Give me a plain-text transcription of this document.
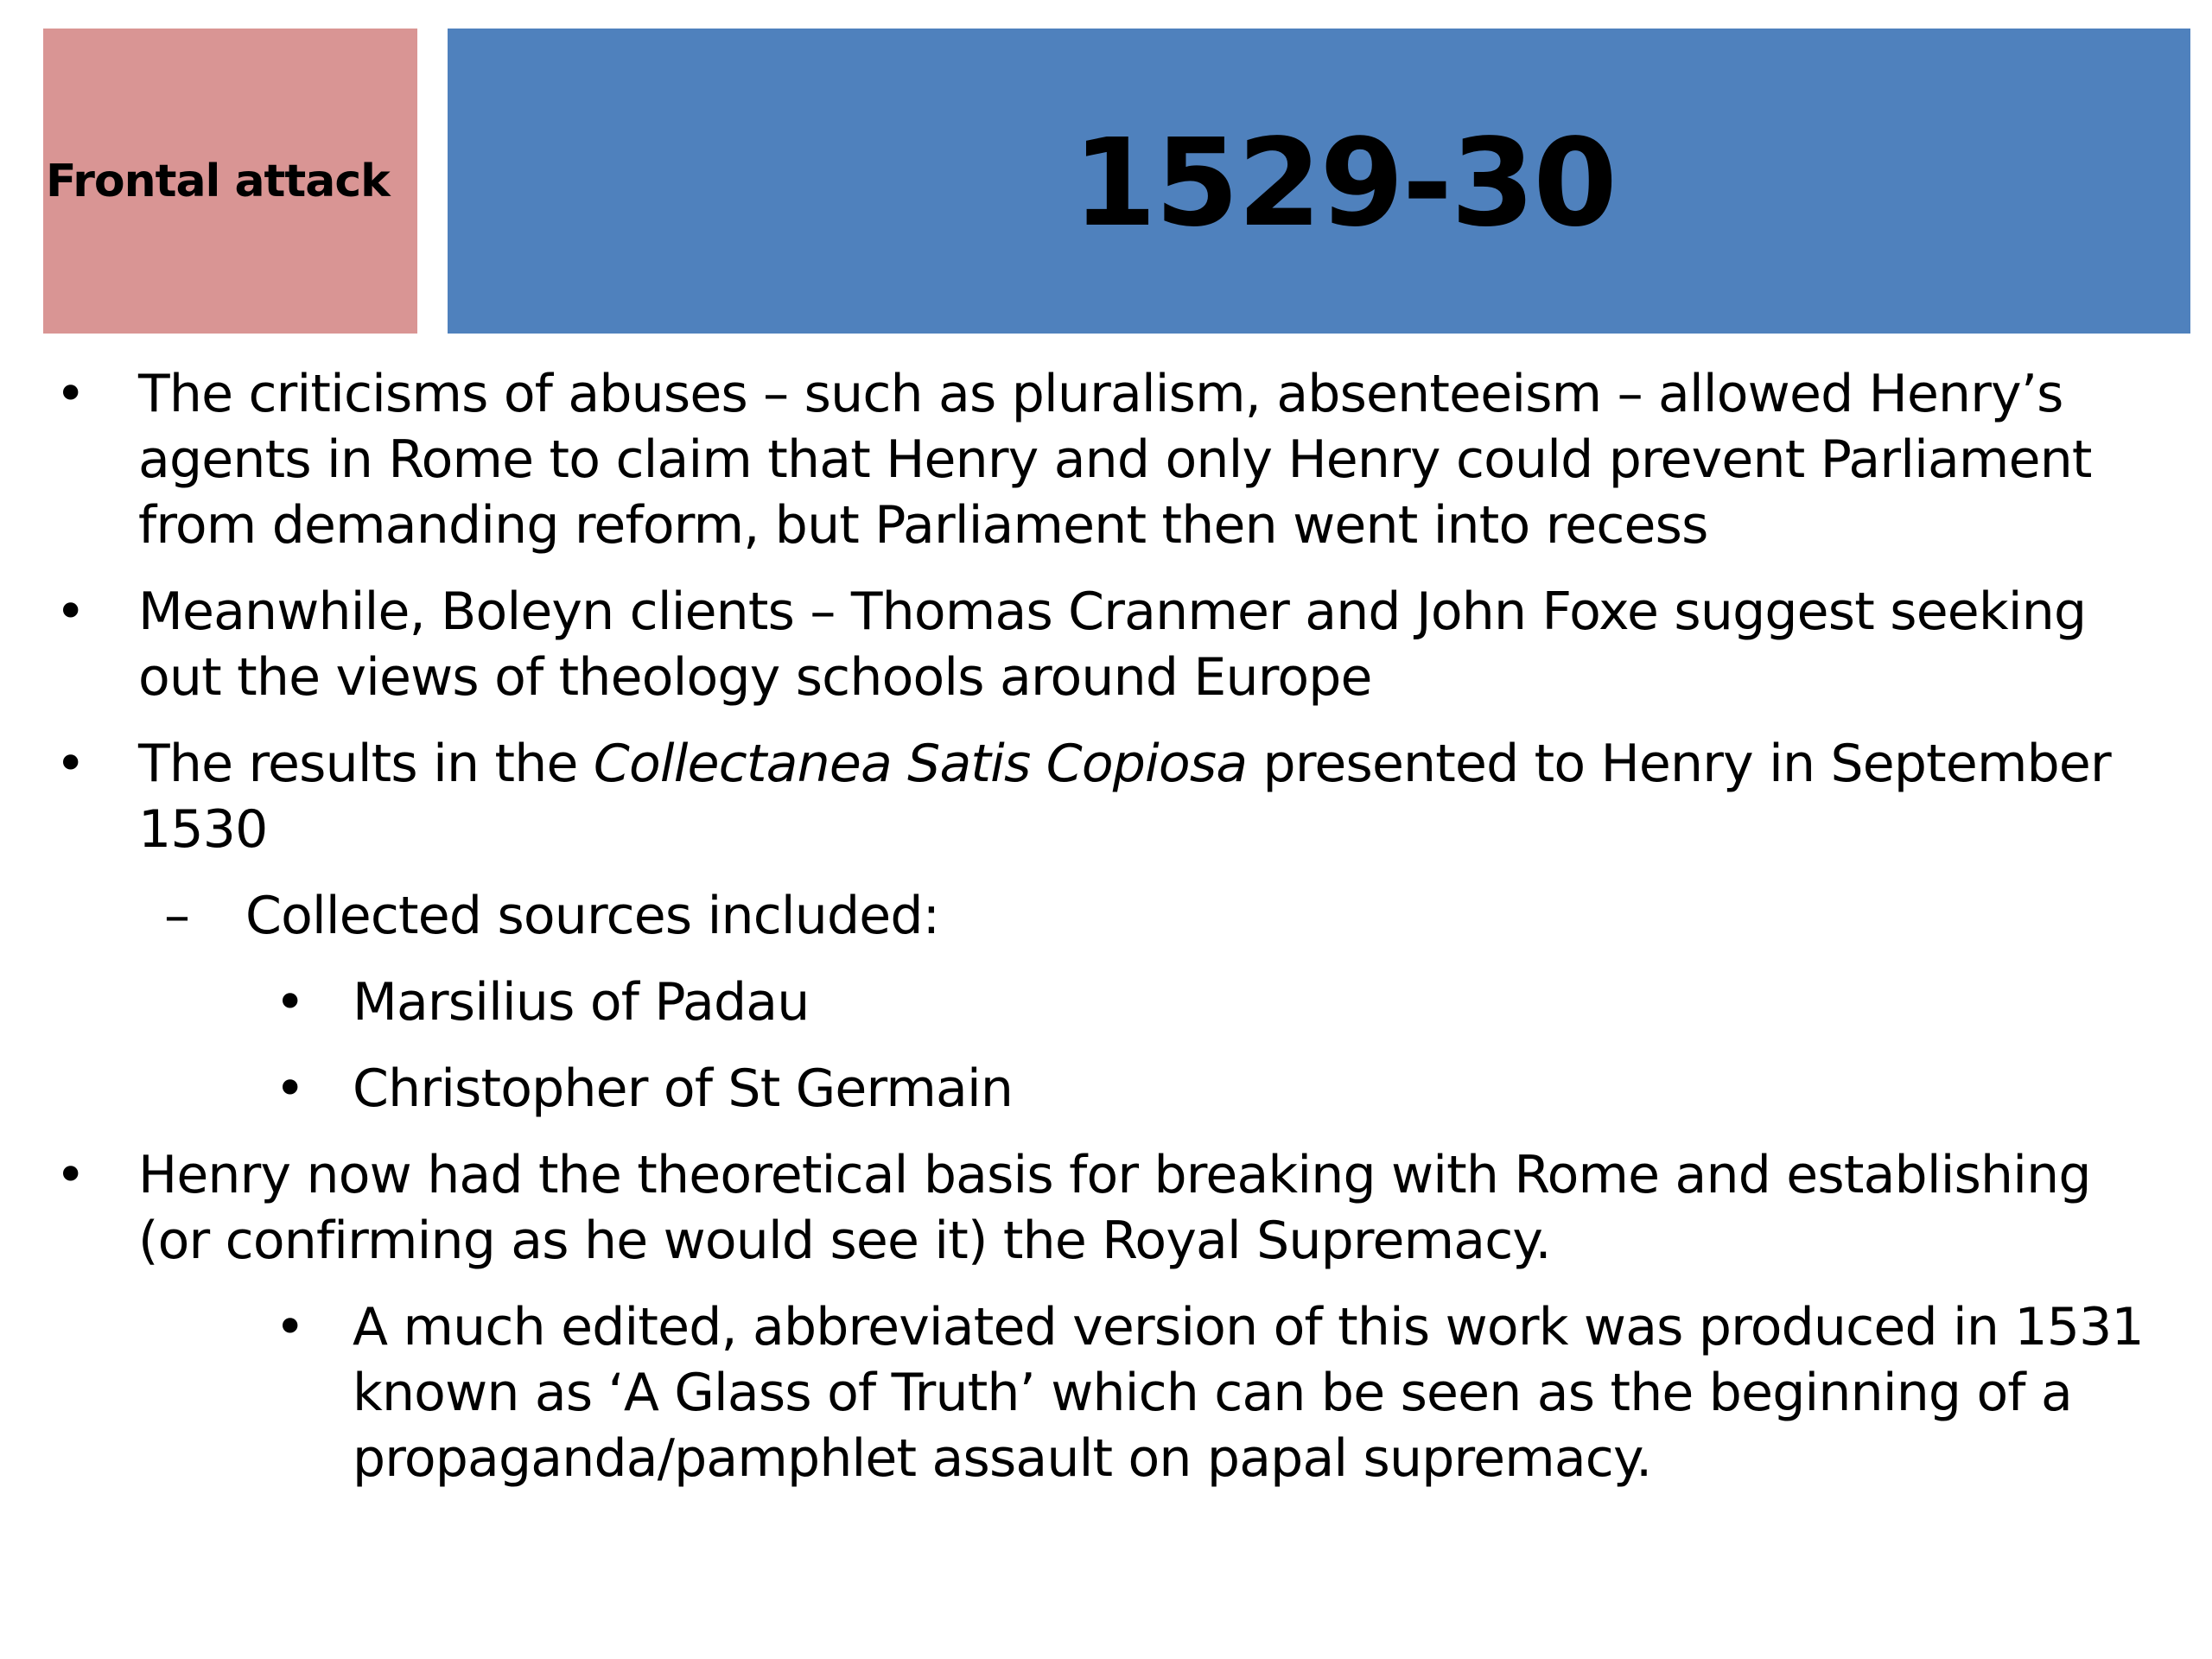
Frontal attack	1529-30
• The criticisms of abuses – such as pluralism, absenteeism – allowed Henry’s agents in Rome to claim that Henry and only Henry could prevent Parliament from demanding reform, but Parliament then went into recess
• Meanwhile, Boleyn clients – Thomas Cranmer and John Foxe suggest seeking out the views of theology schools around Europe
• The results in the Collectanea Satis Copiosa presented to Henry in September 1530
– Collected sources included:
• Marsilius of Padau
• Christopher of St Germain
• Henry now had the theoretical basis for breaking with Rome and establishing (or confirming as he would see it) the Royal Supremacy.
• A much edited, abbreviated version of this work was produced in 1531 known as ‘A Glass of Truth’ which can be seen as the beginning of a propaganda/pamphlet assault on papal supremacy.
